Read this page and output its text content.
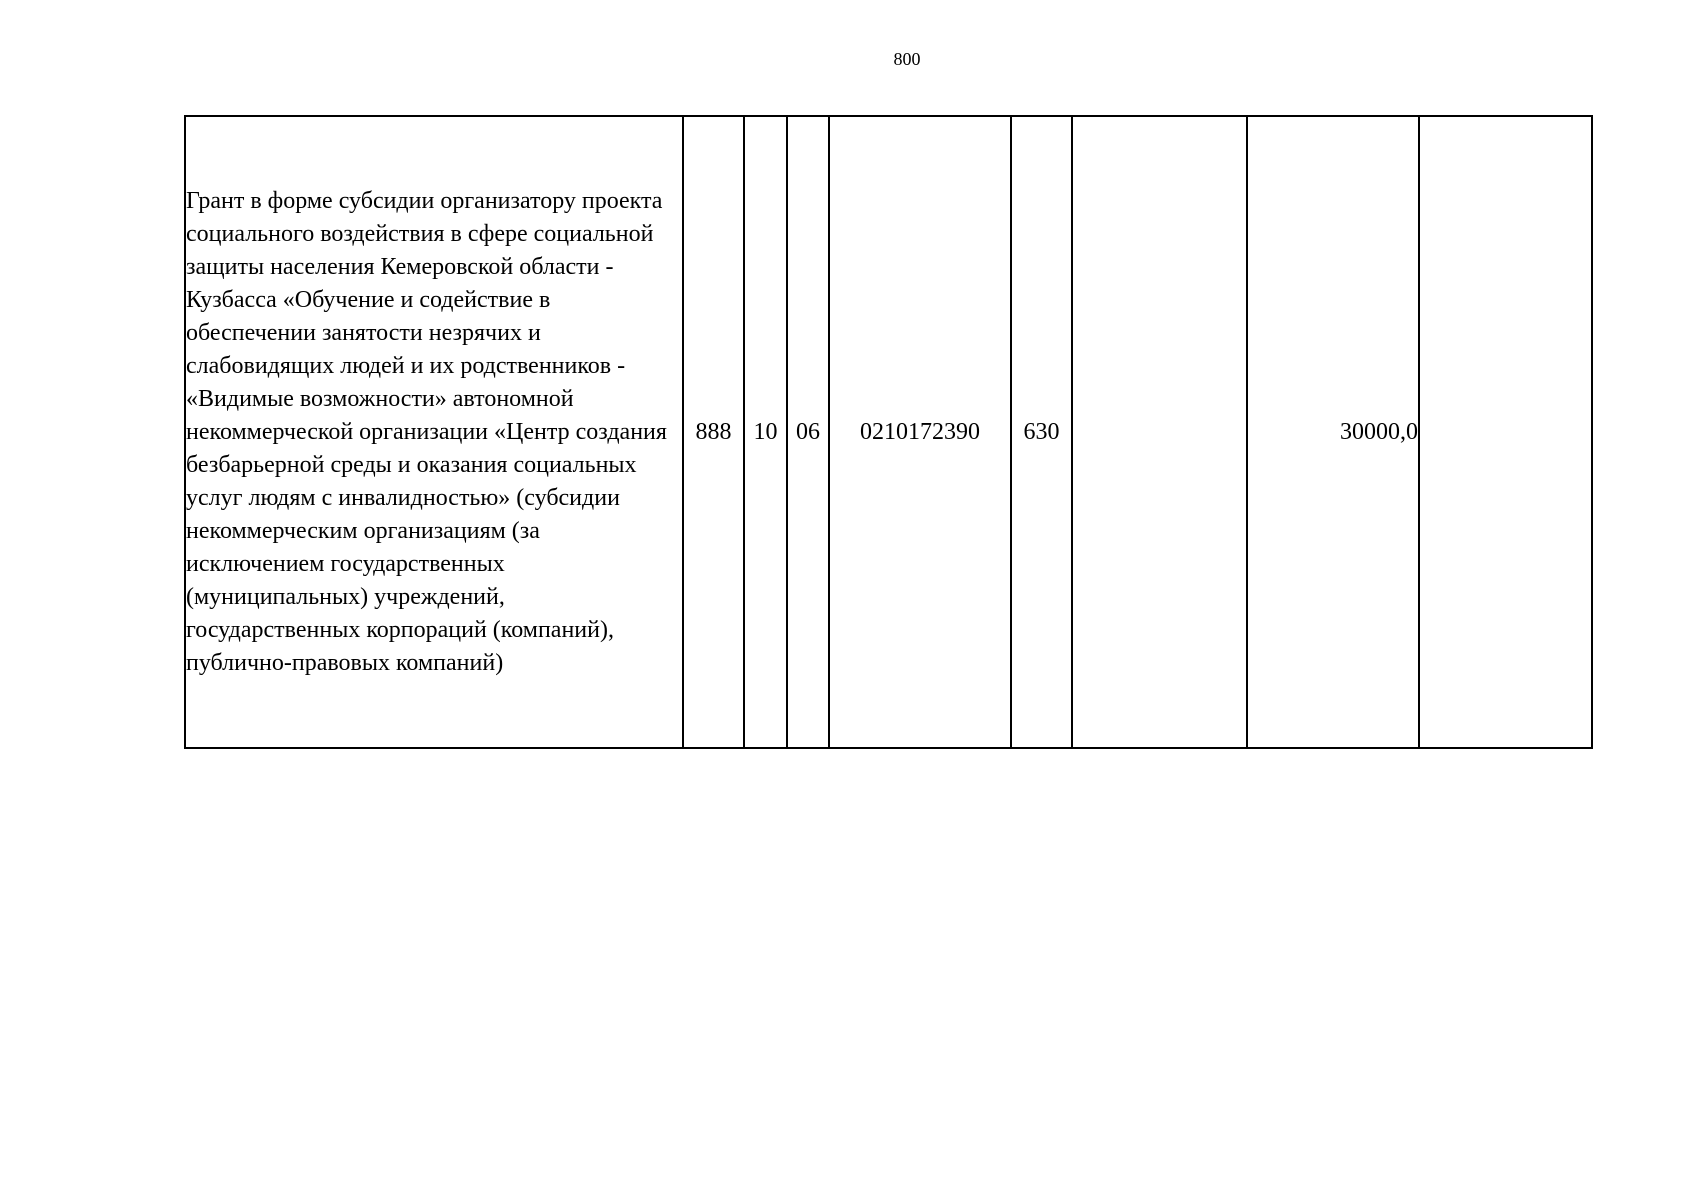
800
Грант в форме субсидии организатору проекта социального воздействия в сфере социальной защиты населения Кемеровской области - Кузбасса «Обучение и содействие в обеспечении занятости незрячих и слабовидящих людей и их родственников - «Видимые возможности» автономной некоммерческой организации «Центр создания безбарьерной среды и оказания социальных услуг людям с инвалидностью» (субсидии некоммерческим организациям (за исключением государственных (муниципальных) учреждений, государственных корпораций (компаний), публично-правовых компаний)	888	10	06	0210172390	630		30000,0	
